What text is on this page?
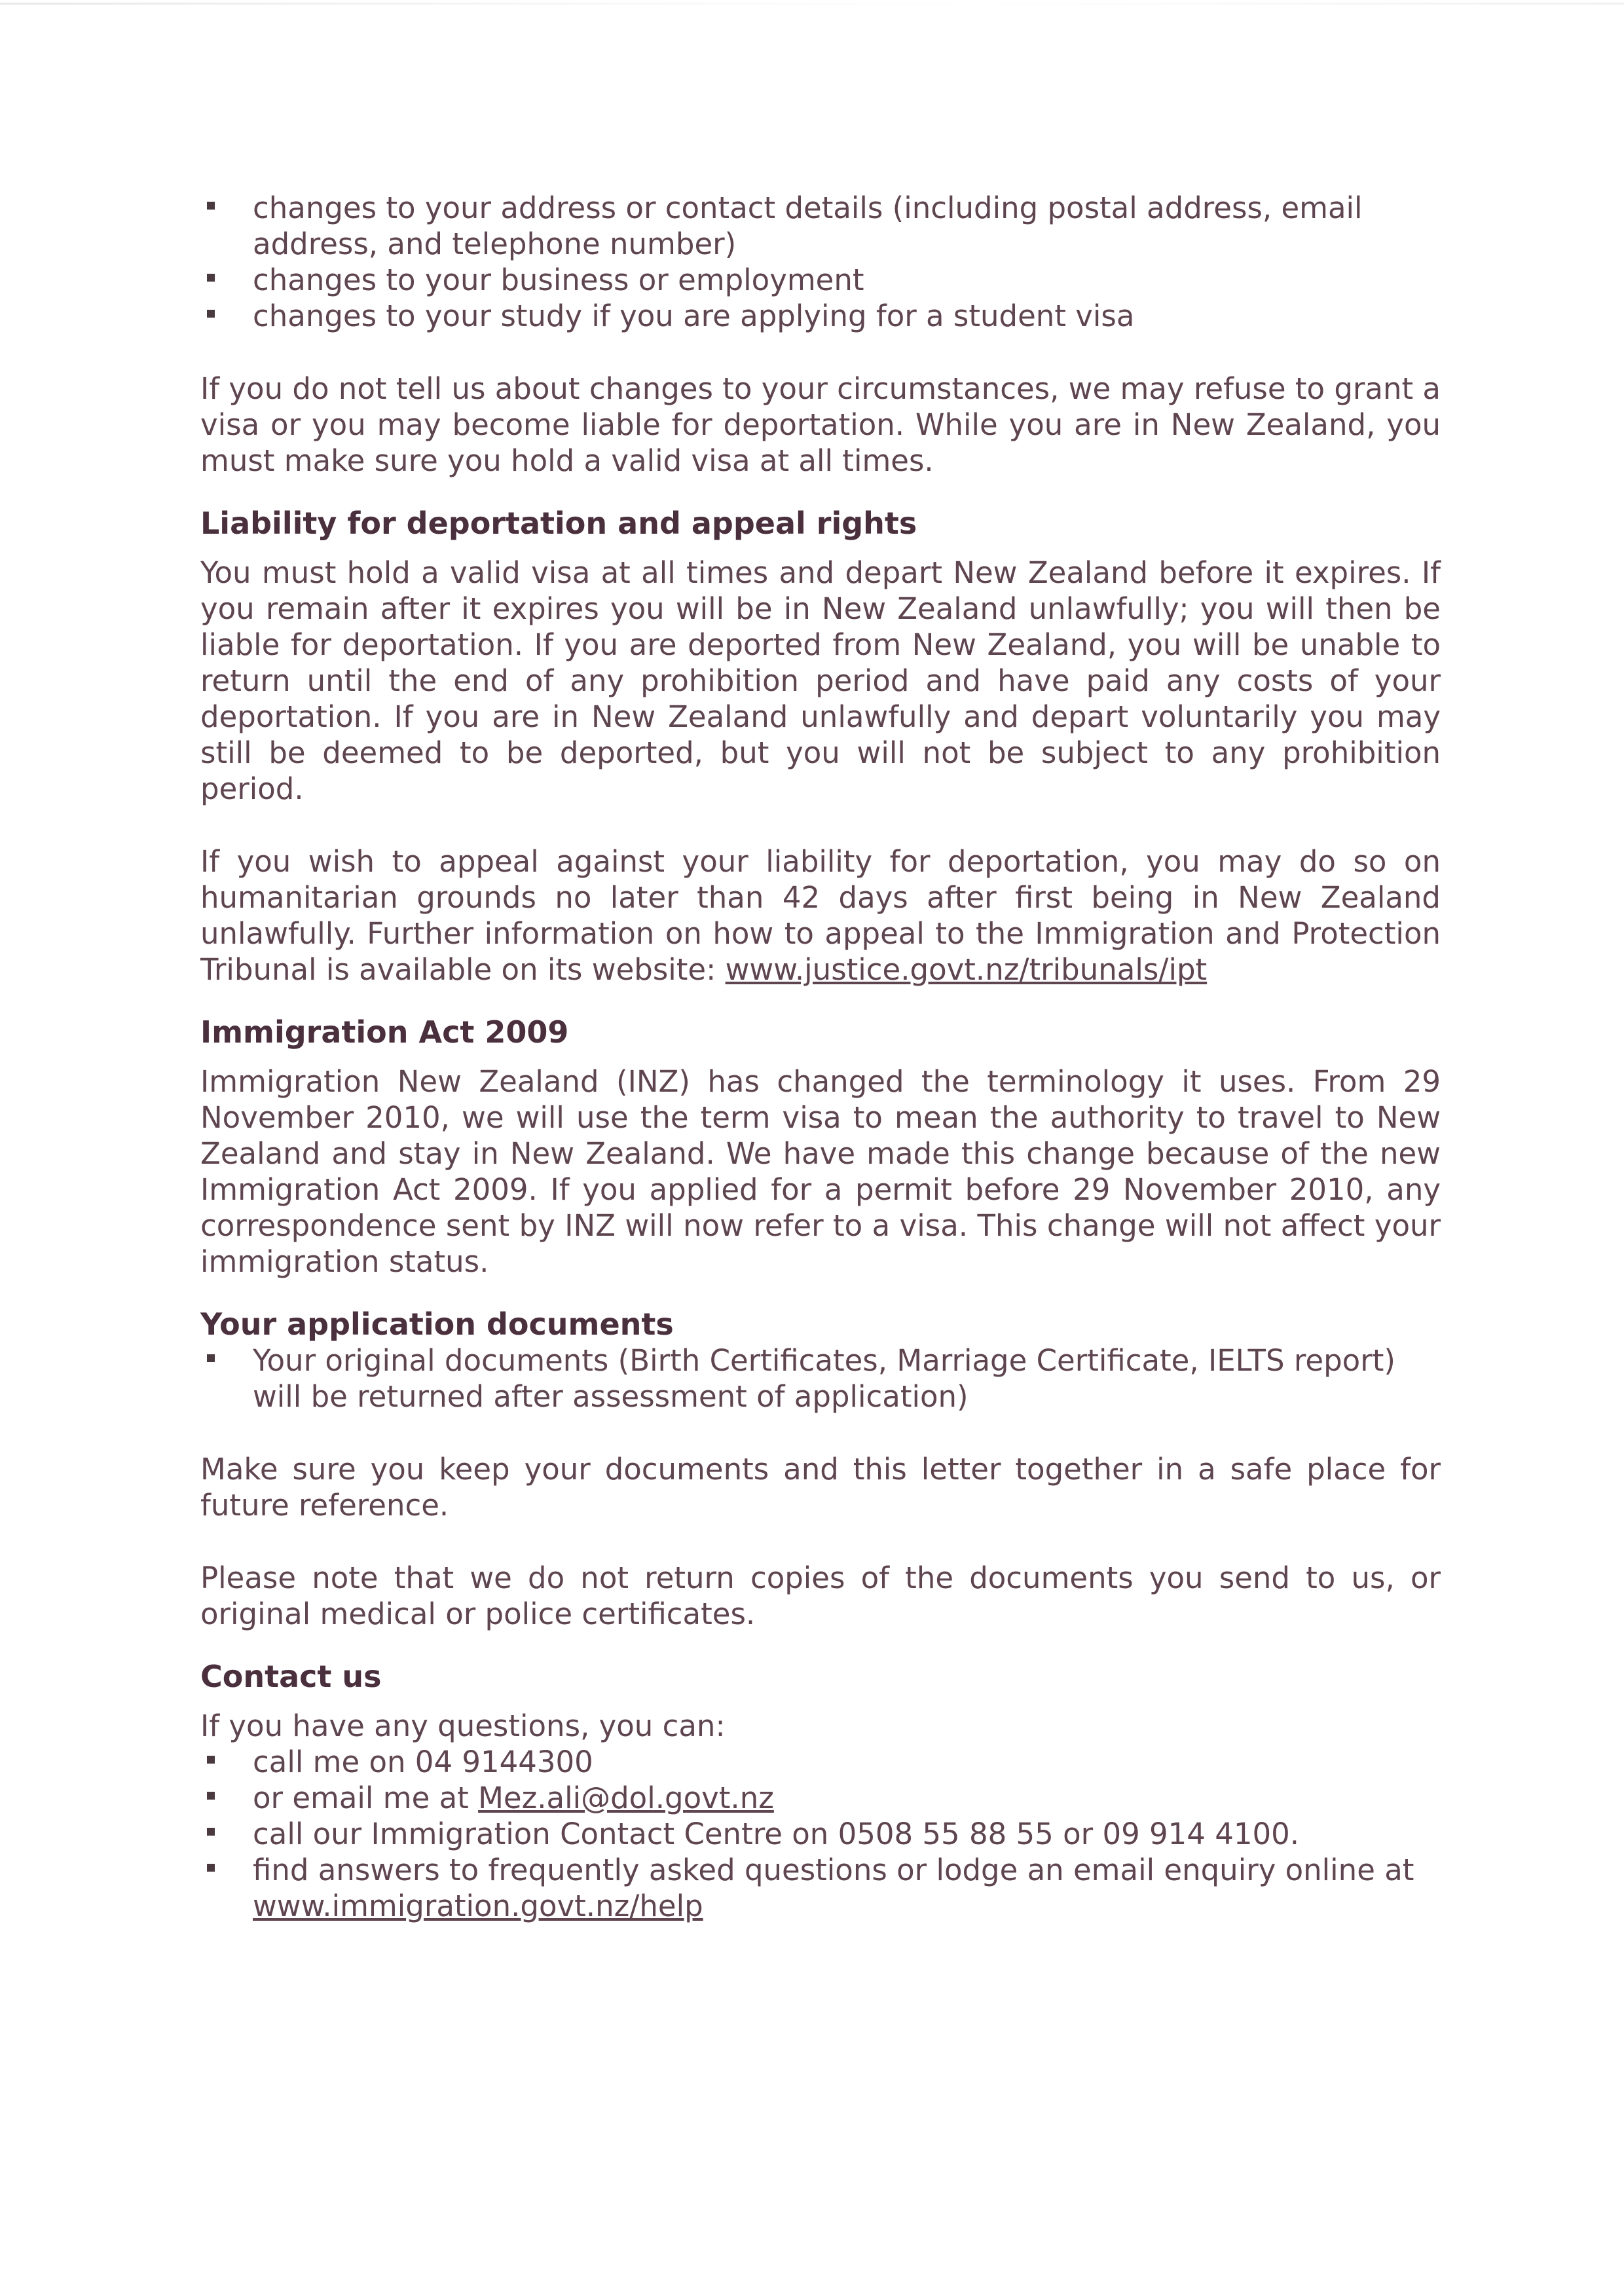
changes to your address or contact details (including postal address, email address, and telephone number)
changes to your business or employment
changes to your study if you are applying for a student visa

If you do not tell us about changes to your circumstances, we may refuse to grant a visa or you may become liable for deportation. While you are in New Zealand, you must make sure you hold a valid visa at all times.

Liability for deportation and appeal rights

You must hold a valid visa at all times and depart New Zealand before it expires. If you remain after it expires you will be in New Zealand unlawfully; you will then be liable for deportation. If you are deported from New Zealand, you will be unable to return until the end of any prohibition period and have paid any costs of your deportation. If you are in New Zealand unlawfully and depart voluntarily you may still be deemed to be deported, but you will not be subject to any prohibition period.

If you wish to appeal against your liability for deportation, you may do so on humanitarian grounds no later than 42 days after first being in New Zealand unlawfully. Further information on how to appeal to the Immigration and Protection Tribunal is available on its website: www.justice.govt.nz/tribunals/ipt

Immigration Act 2009

Immigration New Zealand (INZ) has changed the terminology it uses. From 29 November 2010, we will use the term visa to mean the authority to travel to New Zealand and stay in New Zealand. We have made this change because of the new Immigration Act 2009. If you applied for a permit before 29 November 2010, any correspondence sent by INZ will now refer to a visa. This change will not affect your immigration status.

Your application documents
Your original documents (Birth Certificates, Marriage Certificate, IELTS report) will be returned after assessment of application)

Make sure you keep your documents and this letter together in a safe place for future reference.

Please note that we do not return copies of the documents you send to us, or original medical or police certificates.

Contact us

If you have any questions, you can:

call me on 04 9144300
or email me at Mez.ali@dol.govt.nz
call our Immigration Contact Centre on 0508 55 88 55 or 09 914 4100.
find answers to frequently asked questions or lodge an email enquiry online at www.immigration.govt.nz/help
